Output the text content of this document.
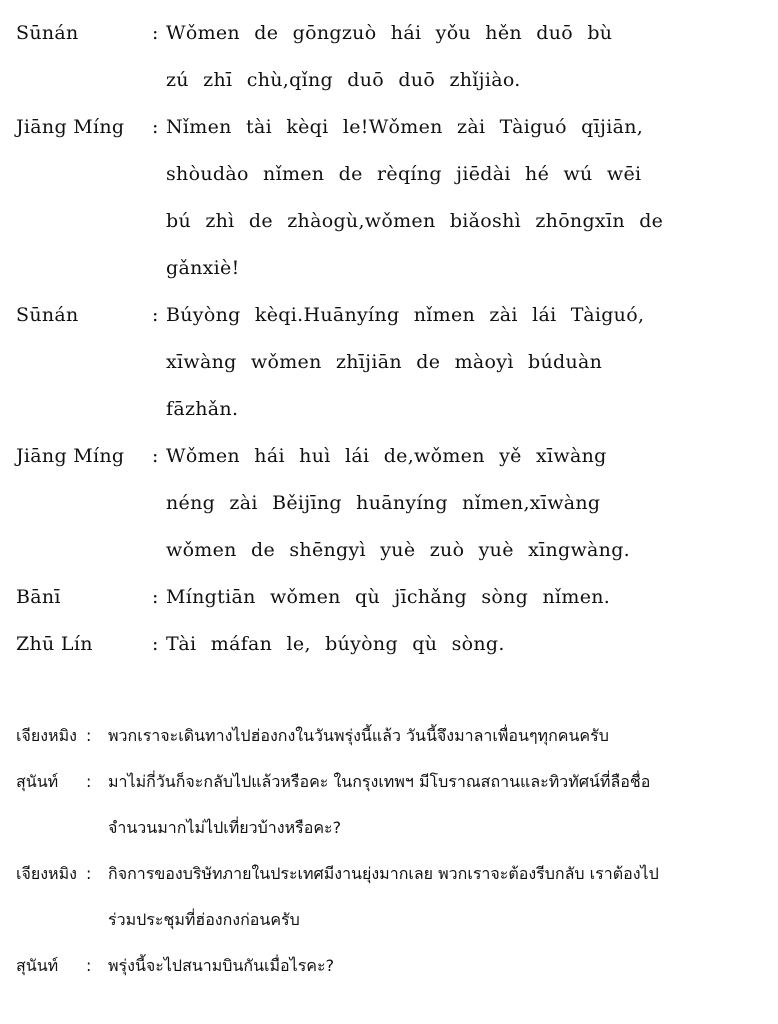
Sūnán	: Wǒmen de gōngzuò hái yǒu hěn duō bù
zú zhī chù,qǐng duō duō zhǐjiào.
Jiāng Míng	: Nǐmen tài kèqi le!Wǒmen zài Tàiguó qījiān,
shòudào nǐmen de rèqíng jiēdài hé wú wēi
bú zhì de zhàogù,wǒmen biǎoshì zhōngxīn de
gǎnxiè!
Sūnán	: Búyòng kèqi.Huānyíng nǐmen zài lái Tàiguó,
xīwàng wǒmen zhījiān de màoyì búduàn
fāzhǎn.
Jiāng Míng	: Wǒmen hái huì lái de,wǒmen yě xīwàng
néng zài Běijīng huānyíng nǐmen,xīwàng
wǒmen de shēngyì yuè zuò yuè xīngwàng.
Bānī	: Míngtiān wǒmen qù jīchǎng sòng nǐmen.
Zhū Lín	: Tài máfan le, búyòng qù sòng.
เจียงหมิง :	พวกเราจะเดินทางไปฮ่องกงในวันพรุ่งนี้แล้ว วันนี้จึงมาลาเพื่อนๆทุกคนครับ
สุนันท์	:	มาไม่กี่วันก็จะกลับไปแล้วหรือคะ ในกรุงเทพฯ มีโบราณสถานและทิวทัศน์ที่ลือชื่อ
จำนวนมากไม่ไปเที่ยวบ้างหรือคะ?
เจียงหมิง :	กิจการของบริษัทภายในประเทศมีงานยุ่งมากเลย พวกเราจะต้องรีบกลับ เราต้องไป
ร่วมประชุมที่ฮ่องกงก่อนครับ
สุนันท์	:	พรุ่งนี้จะไปสนามบินกันเมื่อไรคะ?
